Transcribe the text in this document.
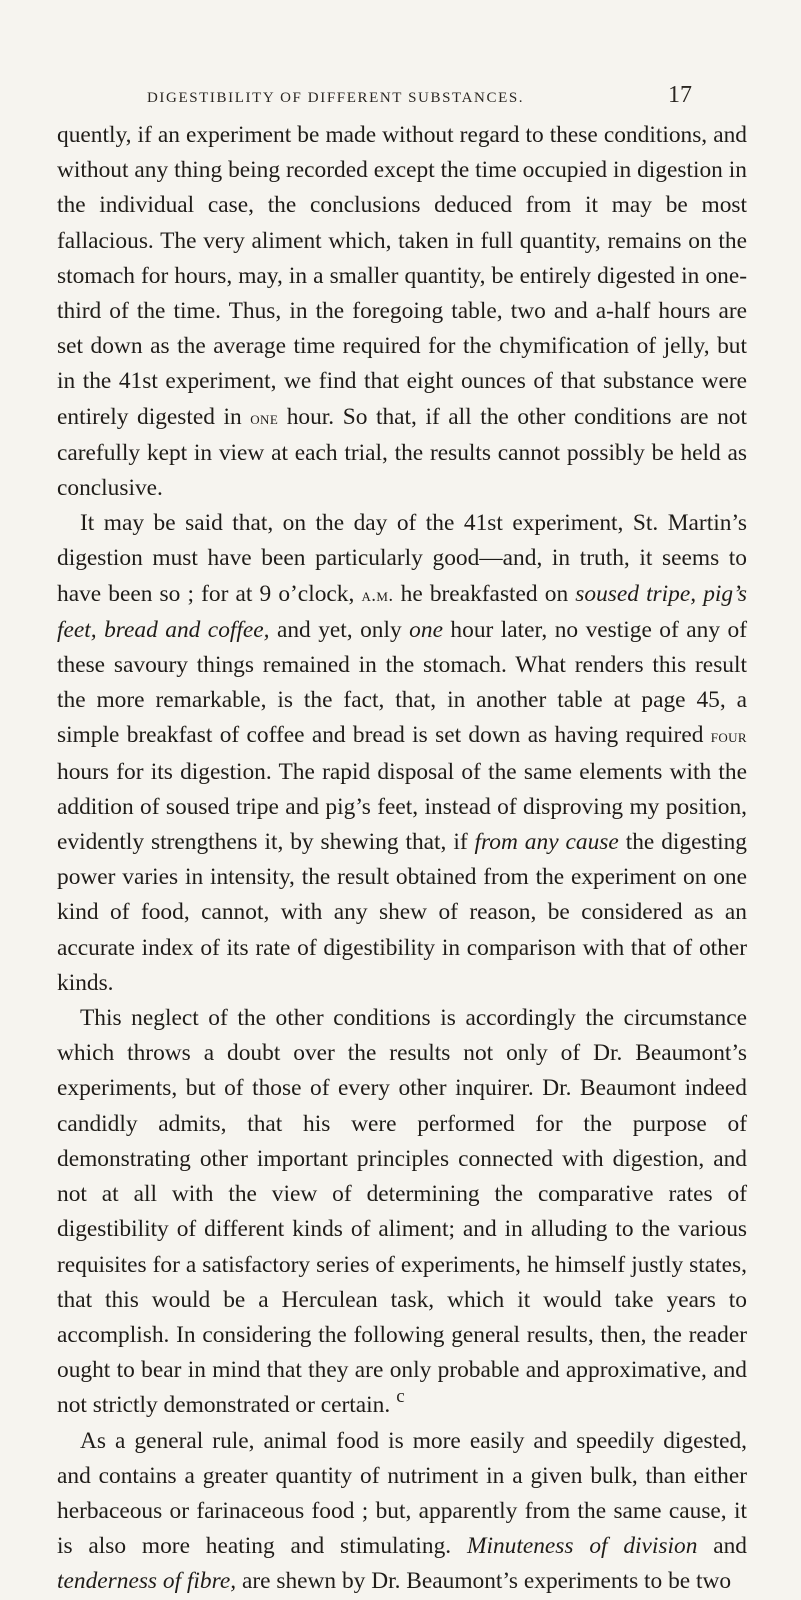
DIGESTIBILITY OF DIFFERENT SUBSTANCES.	17

quently, if an experiment be made without regard to these conditions, and without any thing being recorded except the time occupied in digestion in the individual case, the conclusions deduced from it may be most fallacious. The very aliment which, taken in full quantity, remains on the stomach for hours, may, in a smaller quantity, be entirely digested in one-third of the time. Thus, in the foregoing table, two and a-half hours are set down as the average time required for the chymification of jelly, but in the 41st experiment, we find that eight ounces of that substance were entirely digested in one hour. So that, if all the other conditions are not carefully kept in view at each trial, the results cannot possibly be held as conclusive.

It may be said that, on the day of the 41st experiment, St. Martin’s digestion must have been particularly good—and, in truth, it seems to have been so ; for at 9 o’clock, a.m. he breakfasted on soused tripe, pig’s feet, bread and coffee, and yet, only one hour later, no vestige of any of these savoury things remained in the stomach. What renders this result the more remarkable, is the fact, that, in another table at page 45, a simple breakfast of coffee and bread is set down as having required four hours for its digestion. The rapid disposal of the same elements with the addition of soused tripe and pig’s feet, instead of disproving my position, evidently strengthens it, by shewing that, if from any cause the digesting power varies in intensity, the result obtained from the experiment on one kind of food, cannot, with any shew of reason, be considered as an accurate index of its rate of digestibility in comparison with that of other kinds.

This neglect of the other conditions is accordingly the circumstance which throws a doubt over the results not only of Dr. Beaumont’s experiments, but of those of every other inquirer. Dr. Beaumont indeed candidly admits, that his were performed for the purpose of demonstrating other important principles connected with digestion, and not at all with the view of determining the comparative rates of digestibility of different kinds of aliment; and in alluding to the various requisites for a satisfactory series of experiments, he himself justly states, that this would be a Herculean task, which it would take years to accomplish. In considering the following general results, then, the reader ought to bear in mind that they are only probable and approximative, and not strictly demonstrated or certain.

As a general rule, animal food is more easily and speedily digested, and contains a greater quantity of nutriment in a given bulk, than either herbaceous or farinaceous food ; but, apparently from the same cause, it is also more heating and stimulating. Minuteness of division and tenderness of fibre, are shewn by Dr. Beaumont’s experiments to be two

c
